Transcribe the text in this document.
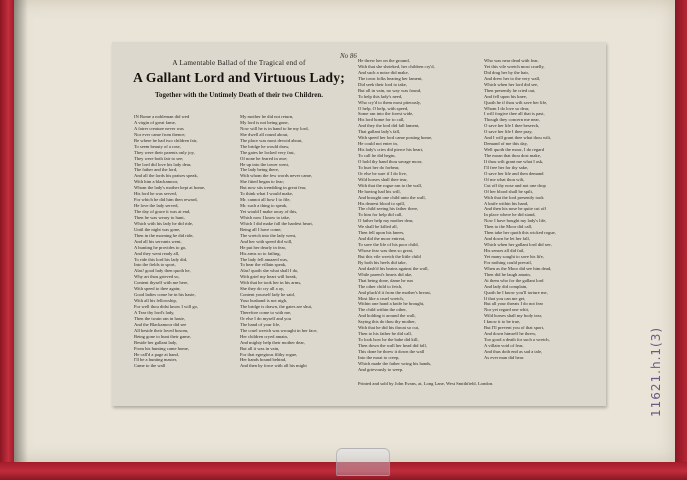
No 86
A Lamentable Ballad of the Tragical end of
A Gallant Lord and Virtuous Lady;
Together with the Untimely Death of their two Children.
IN Rome a nobleman did wed
A virgin of great fame,
A fairer creature never was
Nor ever came from thence;
Be where he had two children fair,
To seem beauty of a rose,
They were their parents only joy,
They were both fair to see;
The lord did love his lady dear,
The father and the lord,
And all the lords his praises speak,
With him a blackamoor,
Whom the lady's mother kept at home,
His lord he was served,
For which he did him then reward,
He love the lady served,
The day of grace it was at end,
Then he was weary to hunt,
Which with his lady he did ride,
Until the night was gone,
Then in the morning he did ride,
And all his servants went,
A hunting he provides to go,
And they went ready all,
To ride this lord his lady did,
Into the fields to sport,
Alas! good lady then quoth he,
Why art thou grieved so,
Content thyself with me here,
With speed to thee again;
Good ladies come he in his haste,
With all his fellowship,
For well thou didst know I will go,
A Tear thy lord's lady,
Then the twain ran in haste,
And the Blackamoor did see
All beside their loved bosom,
Being gone to hunt their game,
Beside her gallant lady,
From his hunting came home,
He call'd a page at hand,
I'll be a hunting master,
Came to the wall
My mother he did not return,
My lord is not being gone,
Now will he is in hand to be my lord,
She dwell all round about,
The place was most devoid about,
The bridge he would draw,
The gates he locked very fast,
Of none he feared in awe;
He up into the tower went,
The lady being there,
With whom the few words never came,
She fitted began to fear;
But now sits trembling in great fear,
To think what I would make,
Mr. cannot all how I to file,
Mr. such a thing to speak,
Yet would I make away of this,
Which now I know to take,
Which I did make fall the hardest heart,
Being all I have come;
The wretch into the lady went,
And her with speed did will,
He put her dearly in fear,
His arms so to failing,
The lady fell amazed was,
To hear the villain speak,
Alas! quoth she what shall I do,
With grief my heart will break,
With that he took her in his arms,
She they do cry all a ay,
Content yourself lady he said,
Your husband is not nigh,
The bridge is drawn, the gates are shut,
Therefore come to with me,
Or else I do myself and you
The hand of your life,
The cruel wretch was wrought in her face,
Her children cryed amain,
And mighty help their mother dear,
But all it was in vain,
For that egregious filthy rogue,
Her hands bound behind,
And then by force with all his might
He threw her on the ground,
With that she shrieked, her children cry'd,
And such a noise did make,
The town folks hearing her lament,
Did seek their lord to take,
But all in vain, no way was found,
To help this lady's need,
Who cry'd to them most piteously,
O help, O help, with speed,
Some ran into the forest wide,
His lord home for to call,
And they the lord did fall lament,
That gallant lady's fall,
With speed her lord came posting home,
He could not enter in,
His lady's cries did pierce his heart,
To call he did begin,
O hold thy hand thou savage moor,
To hurt her do forbear,
Or else be sure if I do live,
Wild horses shall thee tear,
With that the rogue ran to the wall,
He having had his will,
And brought one child unto the wall,
His dearest blood to spill,
The child seeing his father there,
To him for help did call,
O father help my mother dear,
We shall be killed all,
Then fell upon his knees,
And did the moor entreat,
To save the life of his poor child,
Whose fear was then so great,
But this vile wretch the little child
By both his heels did take,
And dash'd his brains against the wall,
While parent's hearts did ake,
That being done, dame he run
The other child to fetch,
And pluck'd it from the mother's breast,
Most like a cruel wretch,
Within one hand a knife he brought,
The child within the other,
And holding it around the wall,
Saying this do thou thy mother,
With that he did his throat so cut,
Then to his father he did call,
To look how he the babe did kill,
Then down the wall her head did fall,
This done he threw it down the wall
Into the moat to creep,
Which made the father wring his hands,
And grievously to weep.
Who was near dead with fear,
Yet this vile wretch most cruelly,
Did drag her by the hair,
And drew her to the very wall,
Which when her lord did see,
Then presently he cried out,
And fell upon his knee,
Quoth he if thou wilt save her life,
Whom I do love so dear,
I will forgive thee all that is past,
Though they concern me near,
O save her life I thee beseech,
O save her life I thee pray,
And I will grant thee what thou wilt,
Demand of me this day,
Well quoth the moor, I do regard
The moan that thou dost make,
If thou wilt grant me what I ask,
I'll free her for thy sake,
O save her life and then demand
Of me what thou wilt,
Cut off thy nose and not one drop
Of her blood shall be spilt,
With that the lord presently took
A knife within his hand,
And then his nose he quite cut off
In place where he did stand,
Now I have bought my lady's life,
Then to the Moor did call,
Then take her quoth this wicked rogue,
And down he let her fall,
Which when her gallant lord did see,
His senses all did fail,
Yet many sought to save his life,
For nothing could prevail,
When as the Moor did see him dead,
Then did he laugh amain,
At them who for the gallant lord
And lady did complain,
Quoth he I know you'll torture me,
If that you can me get,
But all your threats I do not fear
Nor yet regard one whit,
Wild horses shall my body tear,
I know it to be true,
But I'll prevent you of that sport,
And down himself he threw,
Too good a death for such a wretch,
A villain void of fear,
And thus doth end as sad a tale,
As ever man did hear.
Printed and sold by John Evans, at, Long Lane, West Smithfield, London.	11621.h.1(3)
